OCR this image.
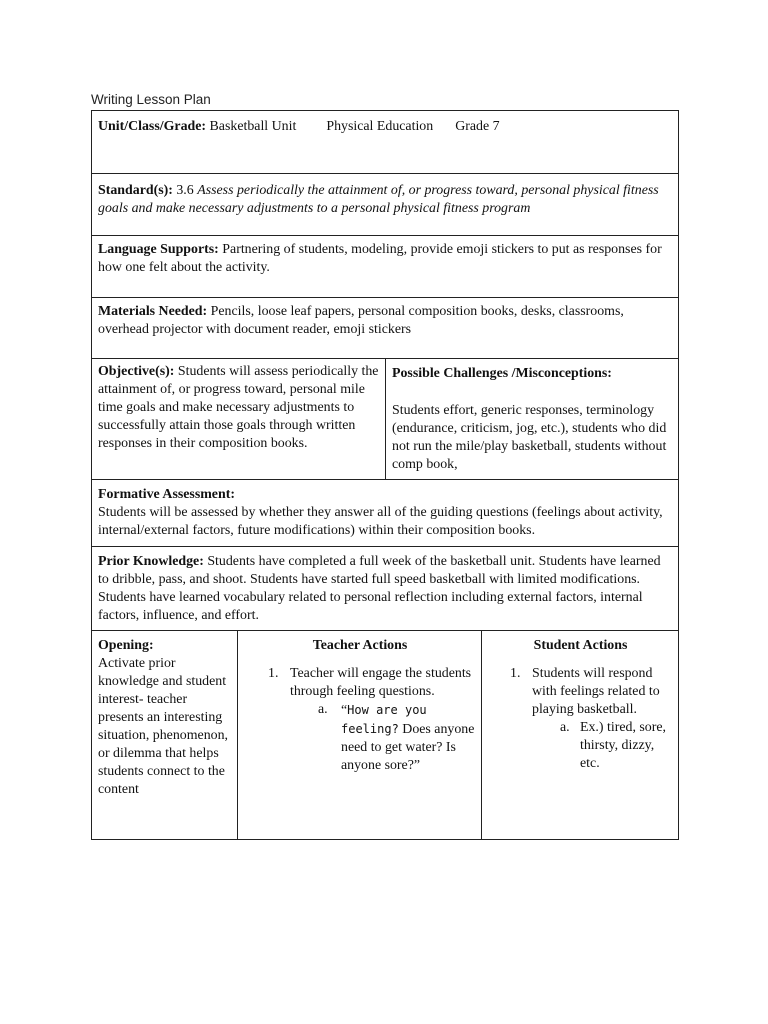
Writing Lesson Plan
Unit/Class/Grade: Basketball Unit Physical Education Grade 7
Standard(s): 3.6 Assess periodically the attainment of, or progress toward, personal physical fitness goals and make necessary adjustments to a personal physical fitness program
Language Supports: Partnering of students, modeling, provide emoji stickers to put as responses for how one felt about the activity.
Materials Needed: Pencils, loose leaf papers, personal composition books, desks, classrooms, overhead projector with document reader, emoji stickers
Objective(s): Students will assess periodically the attainment of, or progress toward, personal mile time goals and make necessary adjustments to successfully attain those goals through written responses in their composition books.
Possible Challenges /Misconceptions:
Students effort, generic responses, terminology (endurance, criticism, jog, etc.), students who did not run the mile/play basketball, students without comp book,
Formative Assessment:
Students will be assessed by whether they answer all of the guiding questions (feelings about activity, internal/external factors, future modifications) within their composition books.
Prior Knowledge: Students have completed a full week of the basketball unit. Students have learned to dribble, pass, and shoot. Students have started full speed basketball with limited modifications. Students have learned vocabulary related to personal reflection including external factors, internal factors, influence, and effort.
Opening:
Activate prior knowledge and student interest- teacher presents an interesting situation, phenomenon, or dilemma that helps students connect to the content
Teacher Actions
1. Teacher will engage the students through feeling questions.
a. “How are you feeling? Does anyone need to get water? Is anyone sore?”
Student Actions
1. Students will respond with feelings related to playing basketball.
a. Ex.) tired, sore, thirsty, dizzy, etc.
